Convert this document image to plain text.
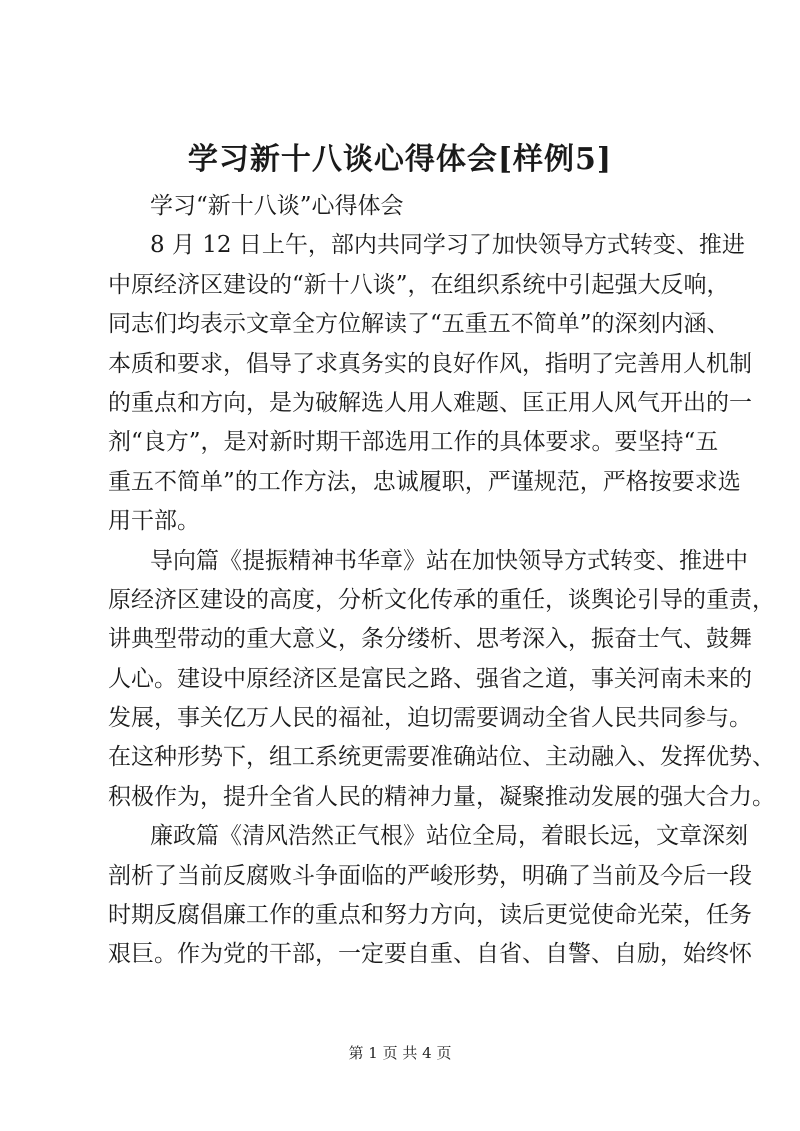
学习新十八谈心得体会[样例5]
学习“新十八谈”心得体会
8 月 12 日上午，部内共同学习了加快领导方式转变、推进
中原经济区建设的“新十八谈”，在组织系统中引起强大反响，
同志们均表示文章全方位解读了“五重五不简单”的深刻内涵、
本质和要求，倡导了求真务实的良好作风，指明了完善用人机制
的重点和方向，是为破解选人用人难题、匡正用人风气开出的一
剂“良方”，是对新时期干部选用工作的具体要求。要坚持“五
重五不简单”的工作方法，忠诚履职，严谨规范，严格按要求选
用干部。
导向篇《提振精神书华章》站在加快领导方式转变、推进中
原经济区建设的高度，分析文化传承的重任，谈舆论引导的重责，
讲典型带动的重大意义，条分缕析、思考深入，振奋士气、鼓舞
人心。建设中原经济区是富民之路、强省之道，事关河南未来的
发展，事关亿万人民的福祉，迫切需要调动全省人民共同参与。
在这种形势下，组工系统更需要准确站位、主动融入、发挥优势、
积极作为，提升全省人民的精神力量，凝聚推动发展的强大合力。
廉政篇《清风浩然正气根》站位全局，着眼长远，文章深刻
剖析了当前反腐败斗争面临的严峻形势，明确了当前及今后一段
时期反腐倡廉工作的重点和努力方向，读后更觉使命光荣，任务
艰巨。作为党的干部，一定要自重、自省、自警、自励，始终怀
第 1 页 共 4 页
